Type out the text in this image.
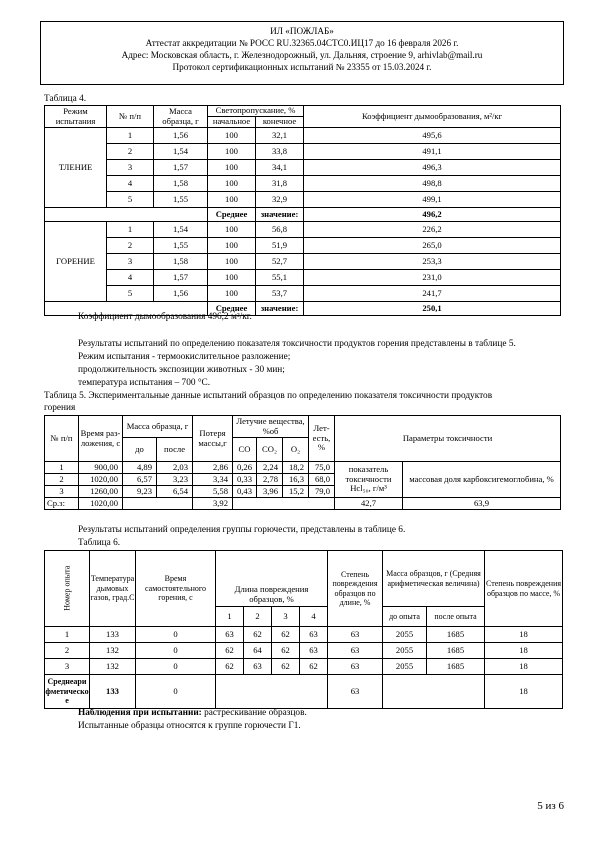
ИЛ «ПОЖЛАБ»
Аттестат аккредитации № РОСС RU.32365.04СТС0.ИЦ17 до 16 февраля 2026 г.
Адрес: Московская область, г. Железнодорожный, ул. Дальняя, строение 9, arhivlab@mail.ru
Протокол сертификационных испытаний № 23355 от 15.03.2024 г.
Таблица 4.
Режим испытания	№ п/п	Масса образца, г	Светопропускание, %		Коэффициент дымообразования, м²/кг
			начальное	конечное	
ТЛЕНИЕ	1	1,56	100	32,1	495,6
	2	1,54	100	33,8	491,1
	3	1,57	100	34,1	496,3
	4	1,58	100	31,8	498,8
	5	1,55	100	32,9	499,1
			Среднее	значение:	496,2
ГОРЕНИЕ	1	1,54	100	56,8	226,2
	2	1,55	100	51,9	265,0
	3	1,58	100	52,7	253,3
	4	1,57	100	55,1	231,0
	5	1,56	100	53,7	241,7
			Среднее	значение:	250,1
Коэффициент дымообразования 496,2 м²/кг.
Результаты испытаний по определению показателя токсичности продуктов горения представлены в таблице 5.
Режим испытания - термоокислительное разложение;
продолжительность экспозиции животных - 30 мин;
температура испытания – 700 °С.
Таблица 5. Экспериментальные данные испытаний образцов по определению показателя токсичности продуктов
горения
№ п/п	Время раз- ложения, с	Масса образца, г		Потеря массы,г	Летучие вещества, %об			Лет- есть, %	Параметры токсичности	
		до	после		CO	CO₂	O₂			
1	900,00	4,89	2,03	2,86	0,26	2,24	18,2	75,0	показатель токсичности Hcl₅₀, г/м³	массовая доля карбоксигемоглобина, %
2	1020,00	6,57	3,23	3,34	0,33	2,78	16,3	68,0		
3	1260,00	9,23	6,54	5,58	0,43	3,96	15,2	79,0		
Ср.з:	1020,00			3,92					42,7	63,9
Результаты испытаний определения группы горючести, представлены в таблице 6.
Таблица 6.
Номер опыта	Температура дымовых газов, град.С	Время самостоятельного горения, с	Длина повреждения образцов, %				Степень повреждения образцов по длине, %	Масса образцов, г (Средняя арифметическая величина)		Степень повреждения образцов по массе, %
			1	2	3	4		до опыта	после опыта	
1	133	0	63	62	62	63	63	2055	1685	18
2	132	0	62	64	62	63	63	2055	1685	18
3	132	0	62	63	62	62	63	2055	1685	18
Среднеарифметическое	133	0					63			18
Наблюдения при испытании: растрескивание образцов.
Испытанные образцы относятся к группе горючести Г1.
5 из 6
